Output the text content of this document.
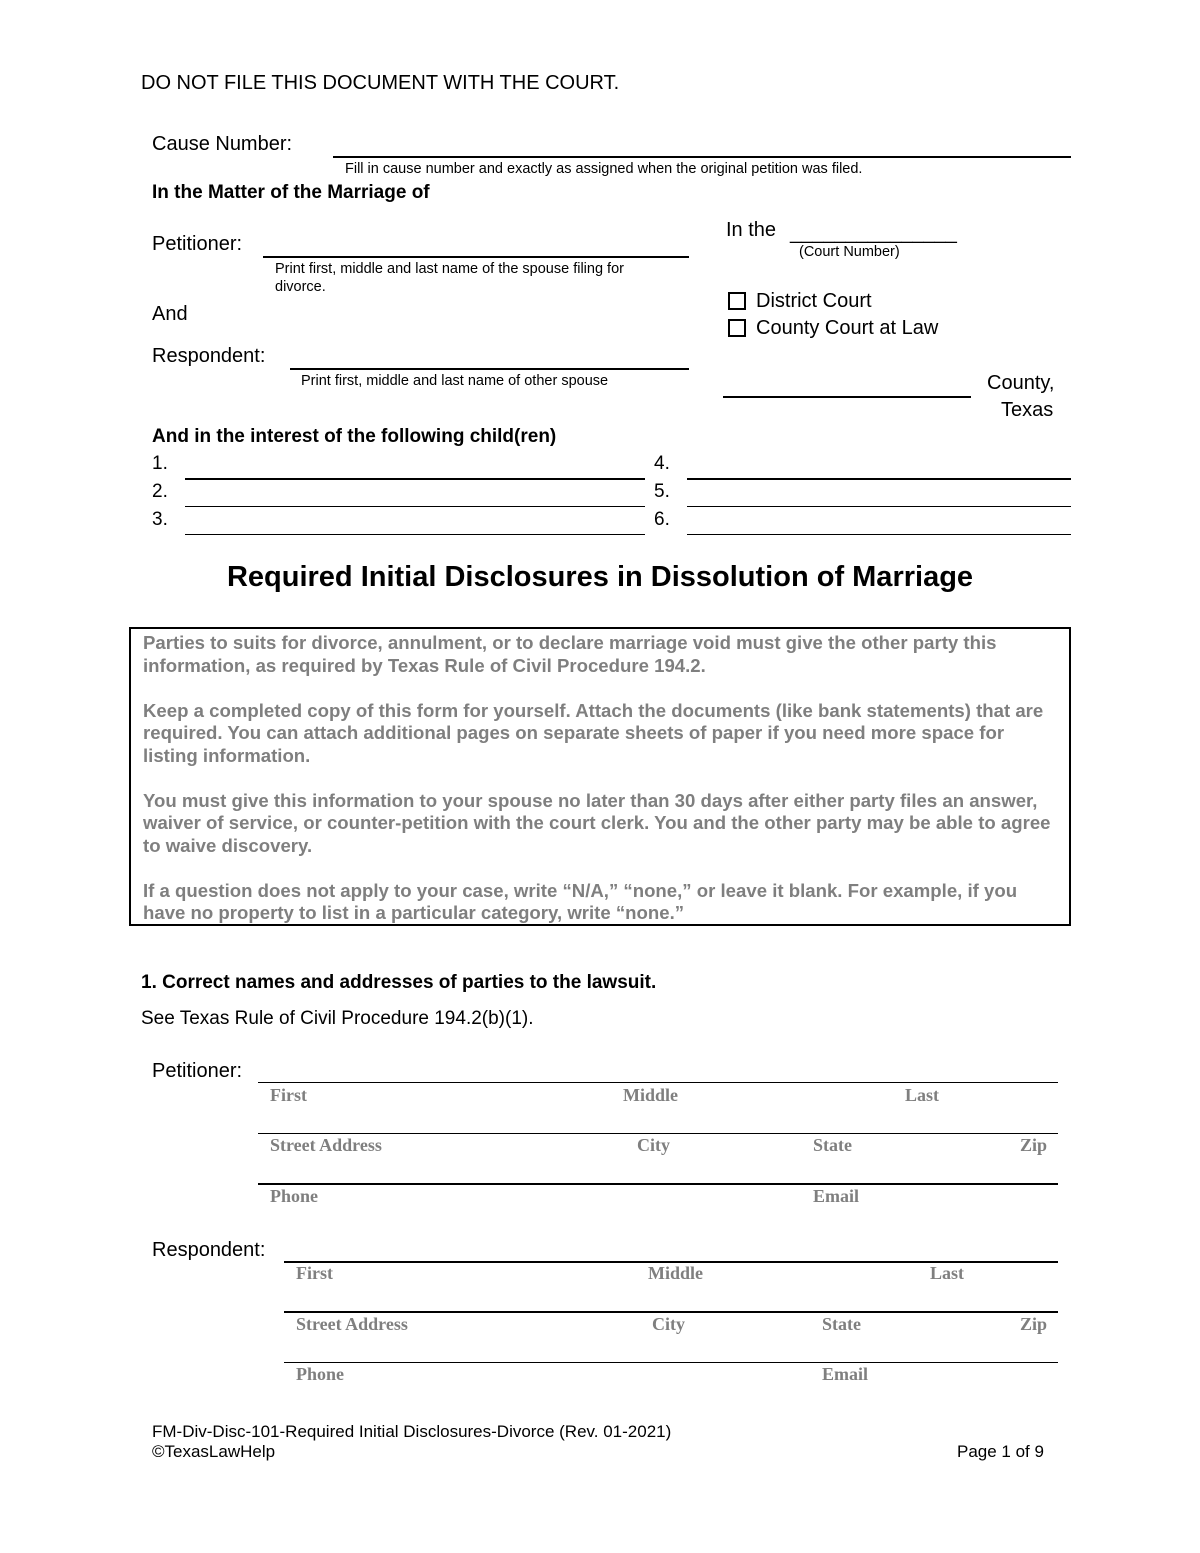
DO NOT FILE THIS DOCUMENT WITH THE COURT.
Cause Number:
Fill in cause number and exactly as assigned when the original petition was filed.
In the Matter of the Marriage of
Petitioner:
Print first, middle and last name of the spouse filing for divorce.
And
Respondent:
Print first, middle and last name of other spouse
In the _______________
(Court Number)
District Court
County Court at Law
County,
Texas
And in the interest of the following child(ren)
1.
2.
3.
4.
5.
6.
Required Initial Disclosures in Dissolution of Marriage

Parties to suits for divorce, annulment, or to declare marriage void must give the other party this information, as required by Texas Rule of Civil Procedure 194.2.

Keep a completed copy of this form for yourself. Attach the documents (like bank statements) that are required. You can attach additional pages on separate sheets of paper if you need more space for listing information.

You must give this information to your spouse no later than 30 days after either party files an answer, waiver of service, or counter-petition with the court clerk. You and the other party may be able to agree to waive discovery.

If a question does not apply to your case, write “N/A,” “none,” or leave it blank. For example, if you have no property to list in a particular category, write “none.”

1. Correct names and addresses of parties to the lawsuit.
See Texas Rule of Civil Procedure 194.2(b)(1).
Petitioner:
First	Middle	Last
Street Address	City	State	Zip
Phone	Email
Respondent:
First	Middle	Last
Street Address	City	State	Zip
Phone	Email
FM-Div-Disc-101-Required Initial Disclosures-Divorce (Rev. 01-2021)
©TexasLawHelp	Page 1 of 9
